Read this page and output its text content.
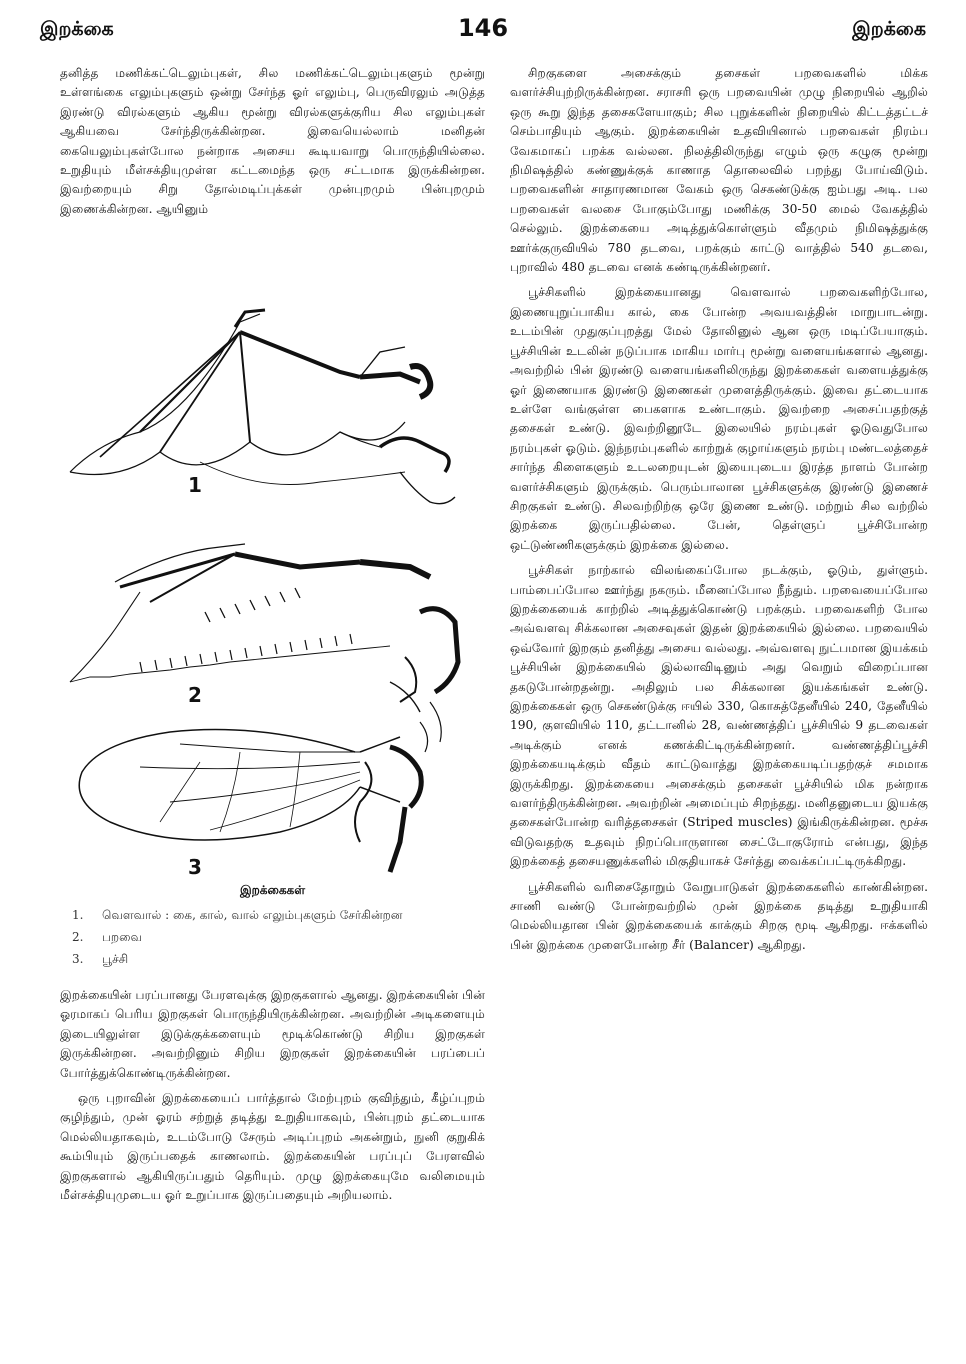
இறக்கை	146	இறக்கை

தனித்த மணிக்கட்டெலும்புகள், சில மணிக்கட்டெலும்புகளும் மூன்று உள்ளங்கை எலும்புகளும் ஒன்று சேர்ந்த ஓர் எலும்பு, பெருவிரலும் அடுத்த இரண்டு விரல்களும் ஆகிய மூன்று விரல்களுக்குரிய சில எலும்புகள் ஆகியவை சேர்ந்திருக்கின்றன. இவையெல்லாம் மனிதன் கையெலும்புகள்போல நன்றாக அசைய கூடியவாறு பொருந்தியில்லை. உறுதியும் மீள்சக்தியுமுள்ள கட்டமைந்த ஒரு சட்டமாக இருக்கின்றன. இவற்றையும் சிறு தோல்மடிப்புக்கள் முன்புறமும் பின்புறமும் இணைக்கின்றன. ஆயினும்

1
2
3
இறக்கைகள்
1.	வௌவால் : கை, கால், வால் எலும்புகளும் சேர்கின்றன
2.	பறவை
3.	பூச்சி

இறக்கையின் பரப்பானது பேரளவுக்கு இறகுகளால் ஆனது. இறக்கையின் பின் ஓரமாகப் பெரிய இறகுகள் பொருந்தியிருக்கின்றன. அவற்றின் அடிகளையும் இடையிலுள்ள இடுக்குக்களையும் மூடிக்கொண்டு சிறிய இறகுகள் இருக்கின்றன. அவற்றினும் சிறிய இறகுகள் இறக்கையின் பரப்பைப் போர்த்துக்கொண்டிருக்கின்றன.

ஒரு புறாவின் இறக்கையைப் பார்த்தால் மேற்புறம் குவிந்தும், கீழ்ப்புறம் குழிந்தும், முன் ஓரம் சற்றுத் தடித்து உறுதியாகவும், பின்புறம் தட்டையாக மெல்லியதாகவும், உடம்போடு சேரும் அடிப்புறம் அகன்றும், நுனி குறுகிக் கூம்பியும் இருப்பதைக் காணலாம். இறக்கையின் பரப்புப் பேரளவில் இறகுகளால் ஆகியிருப்பதும் தெரியும். முழு இறக்கையுமே வலிமையும் மீள்சக்தியுமுடைய ஓர் உறுப்பாக இருப்பதையும் அறியலாம்.

சிறகுகளை அசைக்கும் தசைகள் பறவைகளில் மிக்க வளர்ச்சியுற்றிருக்கின்றன. சராசரி ஒரு பறவையின் முழு நிறையில் ஆறில் ஒரு கூறு இந்த தசைகளேயாகும்; சில புறுக்களின் நிறையில் கிட்டத்தட்டச் செம்பாதியும் ஆகும். இறக்கையின் உதவியினால் பறவைகள் நிரம்ப வேகமாகப் பறக்க வல்லன. நிலத்திலிருந்து எழும் ஒரு கழுகு மூன்று நிமிஷத்தில் கண்ணுக்குக் காணாத தொலைவில் பறந்து போய்விடும். பறவைகளின் சாதாரணமான வேகம் ஒரு செகண்டுக்கு ஐம்பது அடி. பல பறவைகள் வலசை போகும்போது மணிக்கு 30-50 மைல் வேகத்தில் செல்லும். இறக்கையை அடித்துக்கொள்ளும் வீதமும் நிமிஷத்துக்கு ஊர்க்குருவியில் 780 தடவை, பறக்கும் காட்டு வாத்தில் 540 தடவை, புறாவில் 480 தடவை எனக் கண்டிருக்கின்றனர்.

பூச்சிகளில் இறக்கையானது வௌவால் பறவைகளிற்போல, இணையுறுப்பாகிய கால், கை போன்ற அவயவத்தின் மாறுபாடன்று. உடம்பின் முதுகுப்புறத்து மேல் தோலினுல் ஆன ஒரு மடிப்பேயாகும். பூச்சியின் உடலின் நடுப்பாக மாகிய மார்பு மூன்று வளையங்களால் ஆனது. அவற்றில் பின் இரண்டு வளையங்களிலிருந்து இறக்கைகள் வளையத்துக்கு ஓர் இணையாக இரண்டு இணைகள் முளைத்திருக்கும். இவை தட்டையாக உள்ளே வங்குள்ள பைகளாக உண்டாகும். இவற்றை அசைப்பதற்குத் தசைகள் உண்டு. இவற்றினூடே இலையில் நரம்புகள் ஓடுவதுபோல நரம்புகள் ஓடும். இந்நரம்புகளில் காற்றுக் குழாய்களும் நரம்பு மண்டலத்தைச் சார்ந்த கிளைகளும் உடலறையுடன் இயைபுடைய இரத்த நாளம் போன்ற வளர்ச்சிகளும் இருக்கும். பெரும்பாலான பூச்சிகளுக்கு இரண்டு இணைச் சிறகுகள் உண்டு. சிலவற்றிற்கு ஒரே இணை உண்டு. மற்றும் சில வற்றில் இறக்கை இருப்பதில்லை. பேன், தெள்ளுப் பூச்சிபோன்ற ஒட்டுண்ணிகளுக்கும் இறக்கை இல்லை.

பூச்சிகள் நாற்கால் விலங்கைப்போல நடக்கும், ஓடும், துள்ளும். பாம்பைப்போல ஊர்ந்து நகரும். மீனைப்போல நீந்தும். பறவையைப்போல இறக்கையைக் காற்றில் அடித்துக்கொண்டு பறக்கும். பறவைகளிற் போல அவ்வளவு சிக்கலான அசைவுகள் இதன் இறக்கையில் இல்லை. பறவையில் ஒவ்வோர் இறகும் தனித்து அசைய வல்லது. அவ்வளவு நுட்பமான இயக்கம் பூச்சியின் இறக்கையில் இல்லாவிடினும் அது வெறும் விறைப்பான தகடுபோன்றதன்று. அதிலும் பல சிக்கலான இயக்கங்கள் உண்டு. இறக்கைகள் ஒரு செகண்டுக்கு ஈயில் 330, கொசுத்தேனீயில் 240, தேனீயில் 190, குளவியில் 110, தட்டானில் 28, வண்ணத்திப் பூச்சியில் 9 தடவைகள் அடிக்கும் எனக் கணக்கிட்டிருக்கின்றனர். வண்ணத்திப்பூச்சி இறக்கையடிக்கும் வீதம் காட்டுவாத்து இறக்கையடிப்பதற்குச் சமமாக இருக்கிறது. இறக்கையை அசைக்கும் தசைகள் பூச்சியில் மிக நன்றாக வளர்ந்திருக்கின்றன. அவற்றின் அமைப்பும் சிறந்தது. மனிதனுடைய இயக்கு தசைகள்போன்ற வரித்தசைகள் (Striped muscles) இங்கிருக்கின்றன. மூச்சு விடுவதற்கு உதவும் நிறப்பொருளான சைட்டோகுரோம் என்பது, இந்த இறக்கைத் தசையணுக்களில் மிகுதியாகச் சேர்த்து வைக்கப்பட்டிருக்கிறது.

பூச்சிகளில் வரிசைதோறும் வேறுபாடுகள் இறக்கைகளில் காண்கின்றன. சாணி வண்டு போன்றவற்றில் முன் இறக்கை தடித்து உறுதியாகி மெல்லியதான பின் இறக்கையைக் காக்கும் சிறகு மூடி ஆகிறது. ஈக்களில் பின் இறக்கை முளைபோன்ற சீர் (Balancer) ஆகிறது.
